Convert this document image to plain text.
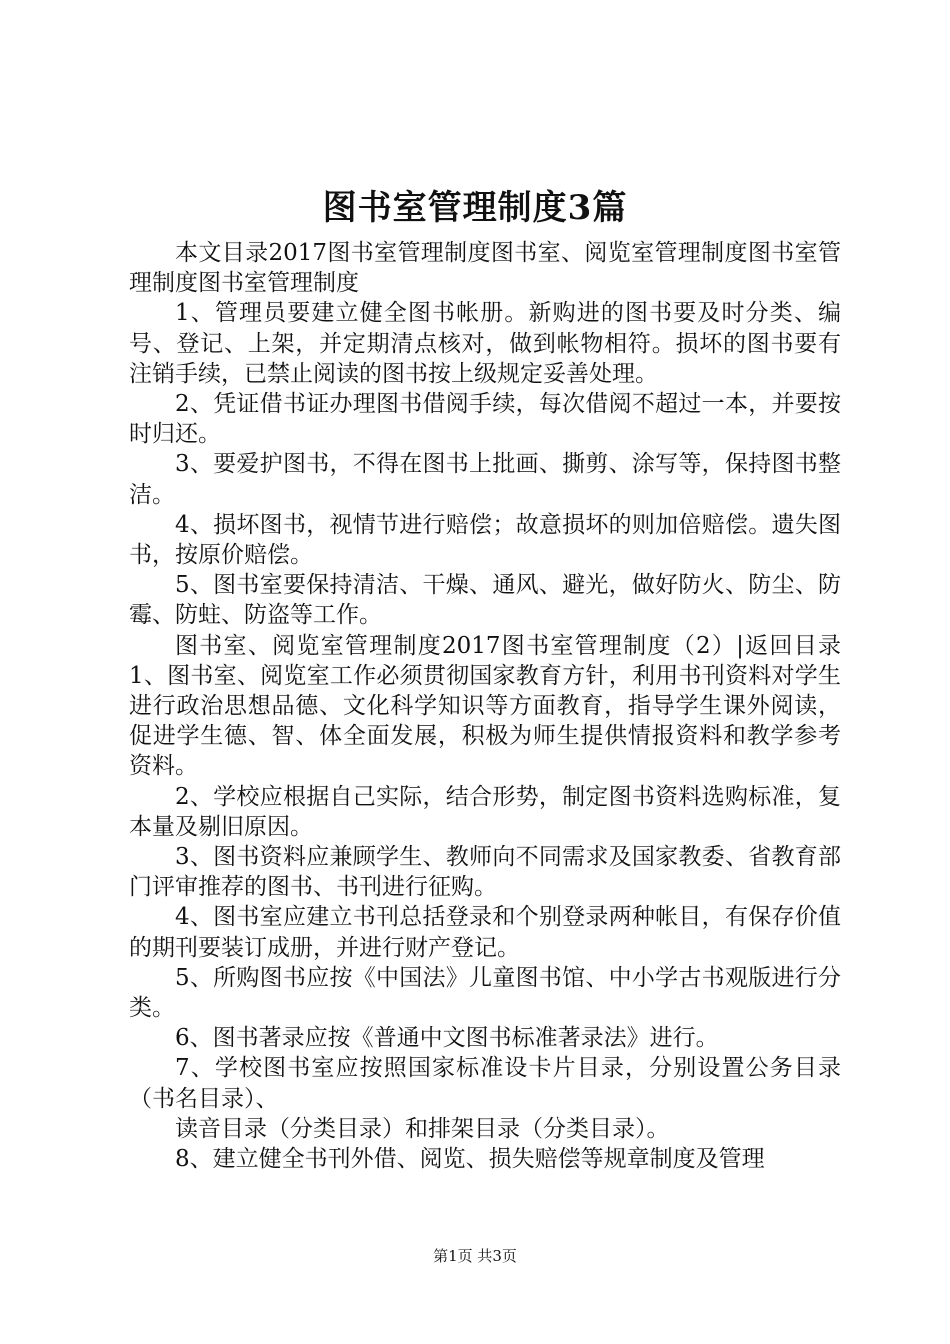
图书室管理制度3篇

本文目录2017图书室管理制度图书室、阅览室管理制度图书室管理制度图书室管理制度

1、管理员要建立健全图书帐册。新购进的图书要及时分类、编号、登记、上架，并定期清点核对，做到帐物相符。损坏的图书要有注销手续，已禁止阅读的图书按上级规定妥善处理。

2、凭证借书证办理图书借阅手续，每次借阅不超过一本，并要按时归还。

3、要爱护图书，不得在图书上批画、撕剪、涂写等，保持图书整洁。

4、损坏图书，视情节进行赔偿；故意损坏的则加倍赔偿。遗失图书，按原价赔偿。

5、图书室要保持清洁、干燥、通风、避光，做好防火、防尘、防霉、防蛀、防盗等工作。

图书室、阅览室管理制度2017图书室管理制度（2）|返回目录1、图书室、阅览室工作必须贯彻国家教育方针，利用书刊资料对学生进行政治思想品德、文化科学知识等方面教育，指导学生课外阅读，促进学生德、智、体全面发展，积极为师生提供情报资料和教学参考资料。

2、学校应根据自己实际，结合形势，制定图书资料选购标准，复本量及剔旧原因。

3、图书资料应兼顾学生、教师向不同需求及国家教委、省教育部门评审推荐的图书、书刊进行征购。

4、图书室应建立书刊总括登录和个别登录两种帐目，有保存价值的期刊要装订成册，并进行财产登记。

5、所购图书应按《中国法》儿童图书馆、中小学古书观版进行分类。

6、图书著录应按《普通中文图书标准著录法》进行。

7、学校图书室应按照国家标准设卡片目录，分别设置公务目录（书名目录）、

读音目录（分类目录）和排架目录（分类目录）。

8、建立健全书刊外借、阅览、损失赔偿等规章制度及管理

第1页 共3页
